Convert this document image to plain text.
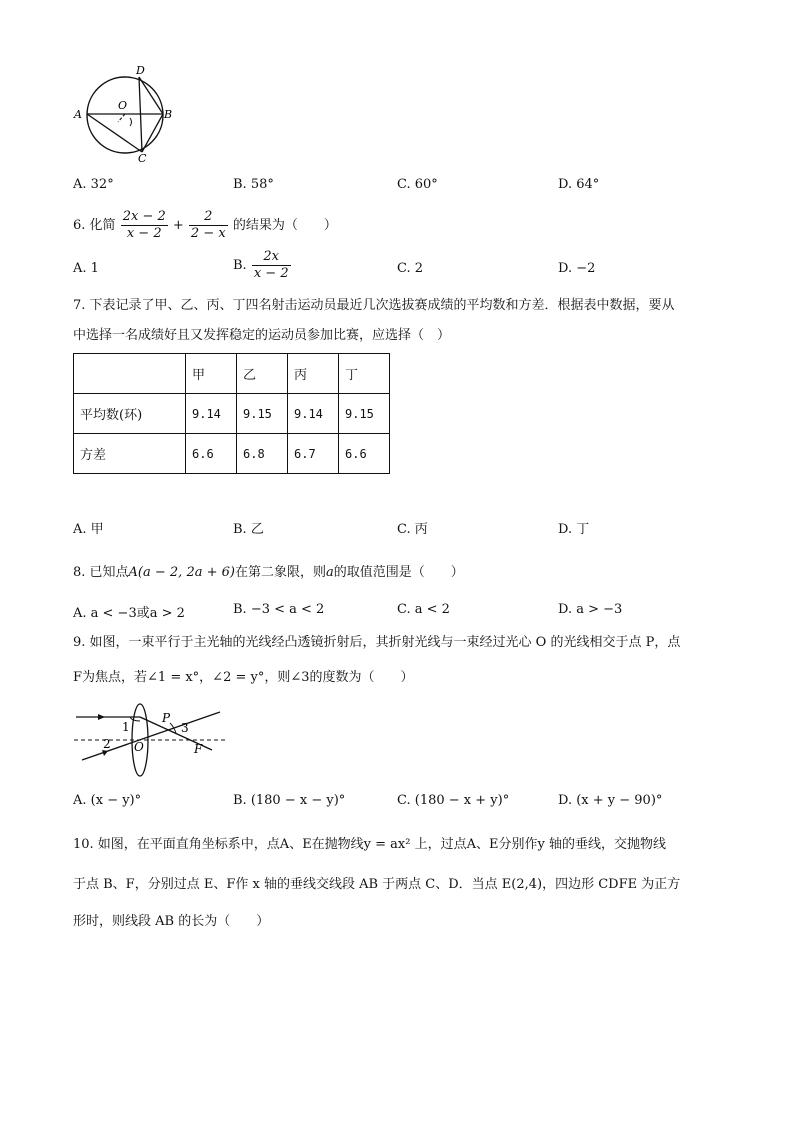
D
A
O
B
C
A. 32°	B. 58°	C. 60°	D. 64°
6. 化简 $\frac{2x - 2}{x - 2} + \frac{2}{2 - x}$ 的结果为（　　）
A. 1	B. $\frac{2x}{x - 2}$	C. 2	D. −2
7. 下表记录了甲、乙、丙、丁四名射击运动员最近几次选拔赛成绩的平均数和方差．根据表中数据，要从
中选择一名成绩好且又发挥稳定的运动员参加比赛，应选择（　）
	甲	乙	丙	丁
平均数(环)	9.14	9.15	9.14	9.15
方差	6.6	6.8	6.7	6.6
A. 甲	B. 乙	C. 丙	D. 丁
8. 已知点A(a − 2, 2a + 6)在第二象限，则a的取值范围是（　　）
A. a < −3或a > 2	B. −3 < a < 2	C. a < 2	D. a > −3
9. 如图，一束平行于主光轴的光线经凸透镜折射后，其折射光线与一束经过光心 O 的光线相交于点 P，点
F为焦点，若∠1 = x°，∠2 = y°，则∠3的度数为（　　）
1
2
3
P
O	F
A. (x − y)°	B. (180 − x − y)°	C. (180 − x + y)°	D. (x + y − 90)°
10. 如图，在平面直角坐标系中，点A、E在抛物线y = ax² 上，过点A、E分别作y 轴的垂线，交抛物线
于点 B、F，分别过点 E、F作 x 轴的垂线交线段 AB 于两点 C、D．当点 E(2,4)，四边形 CDFE 为正方
形时，则线段 AB 的长为（　　）
